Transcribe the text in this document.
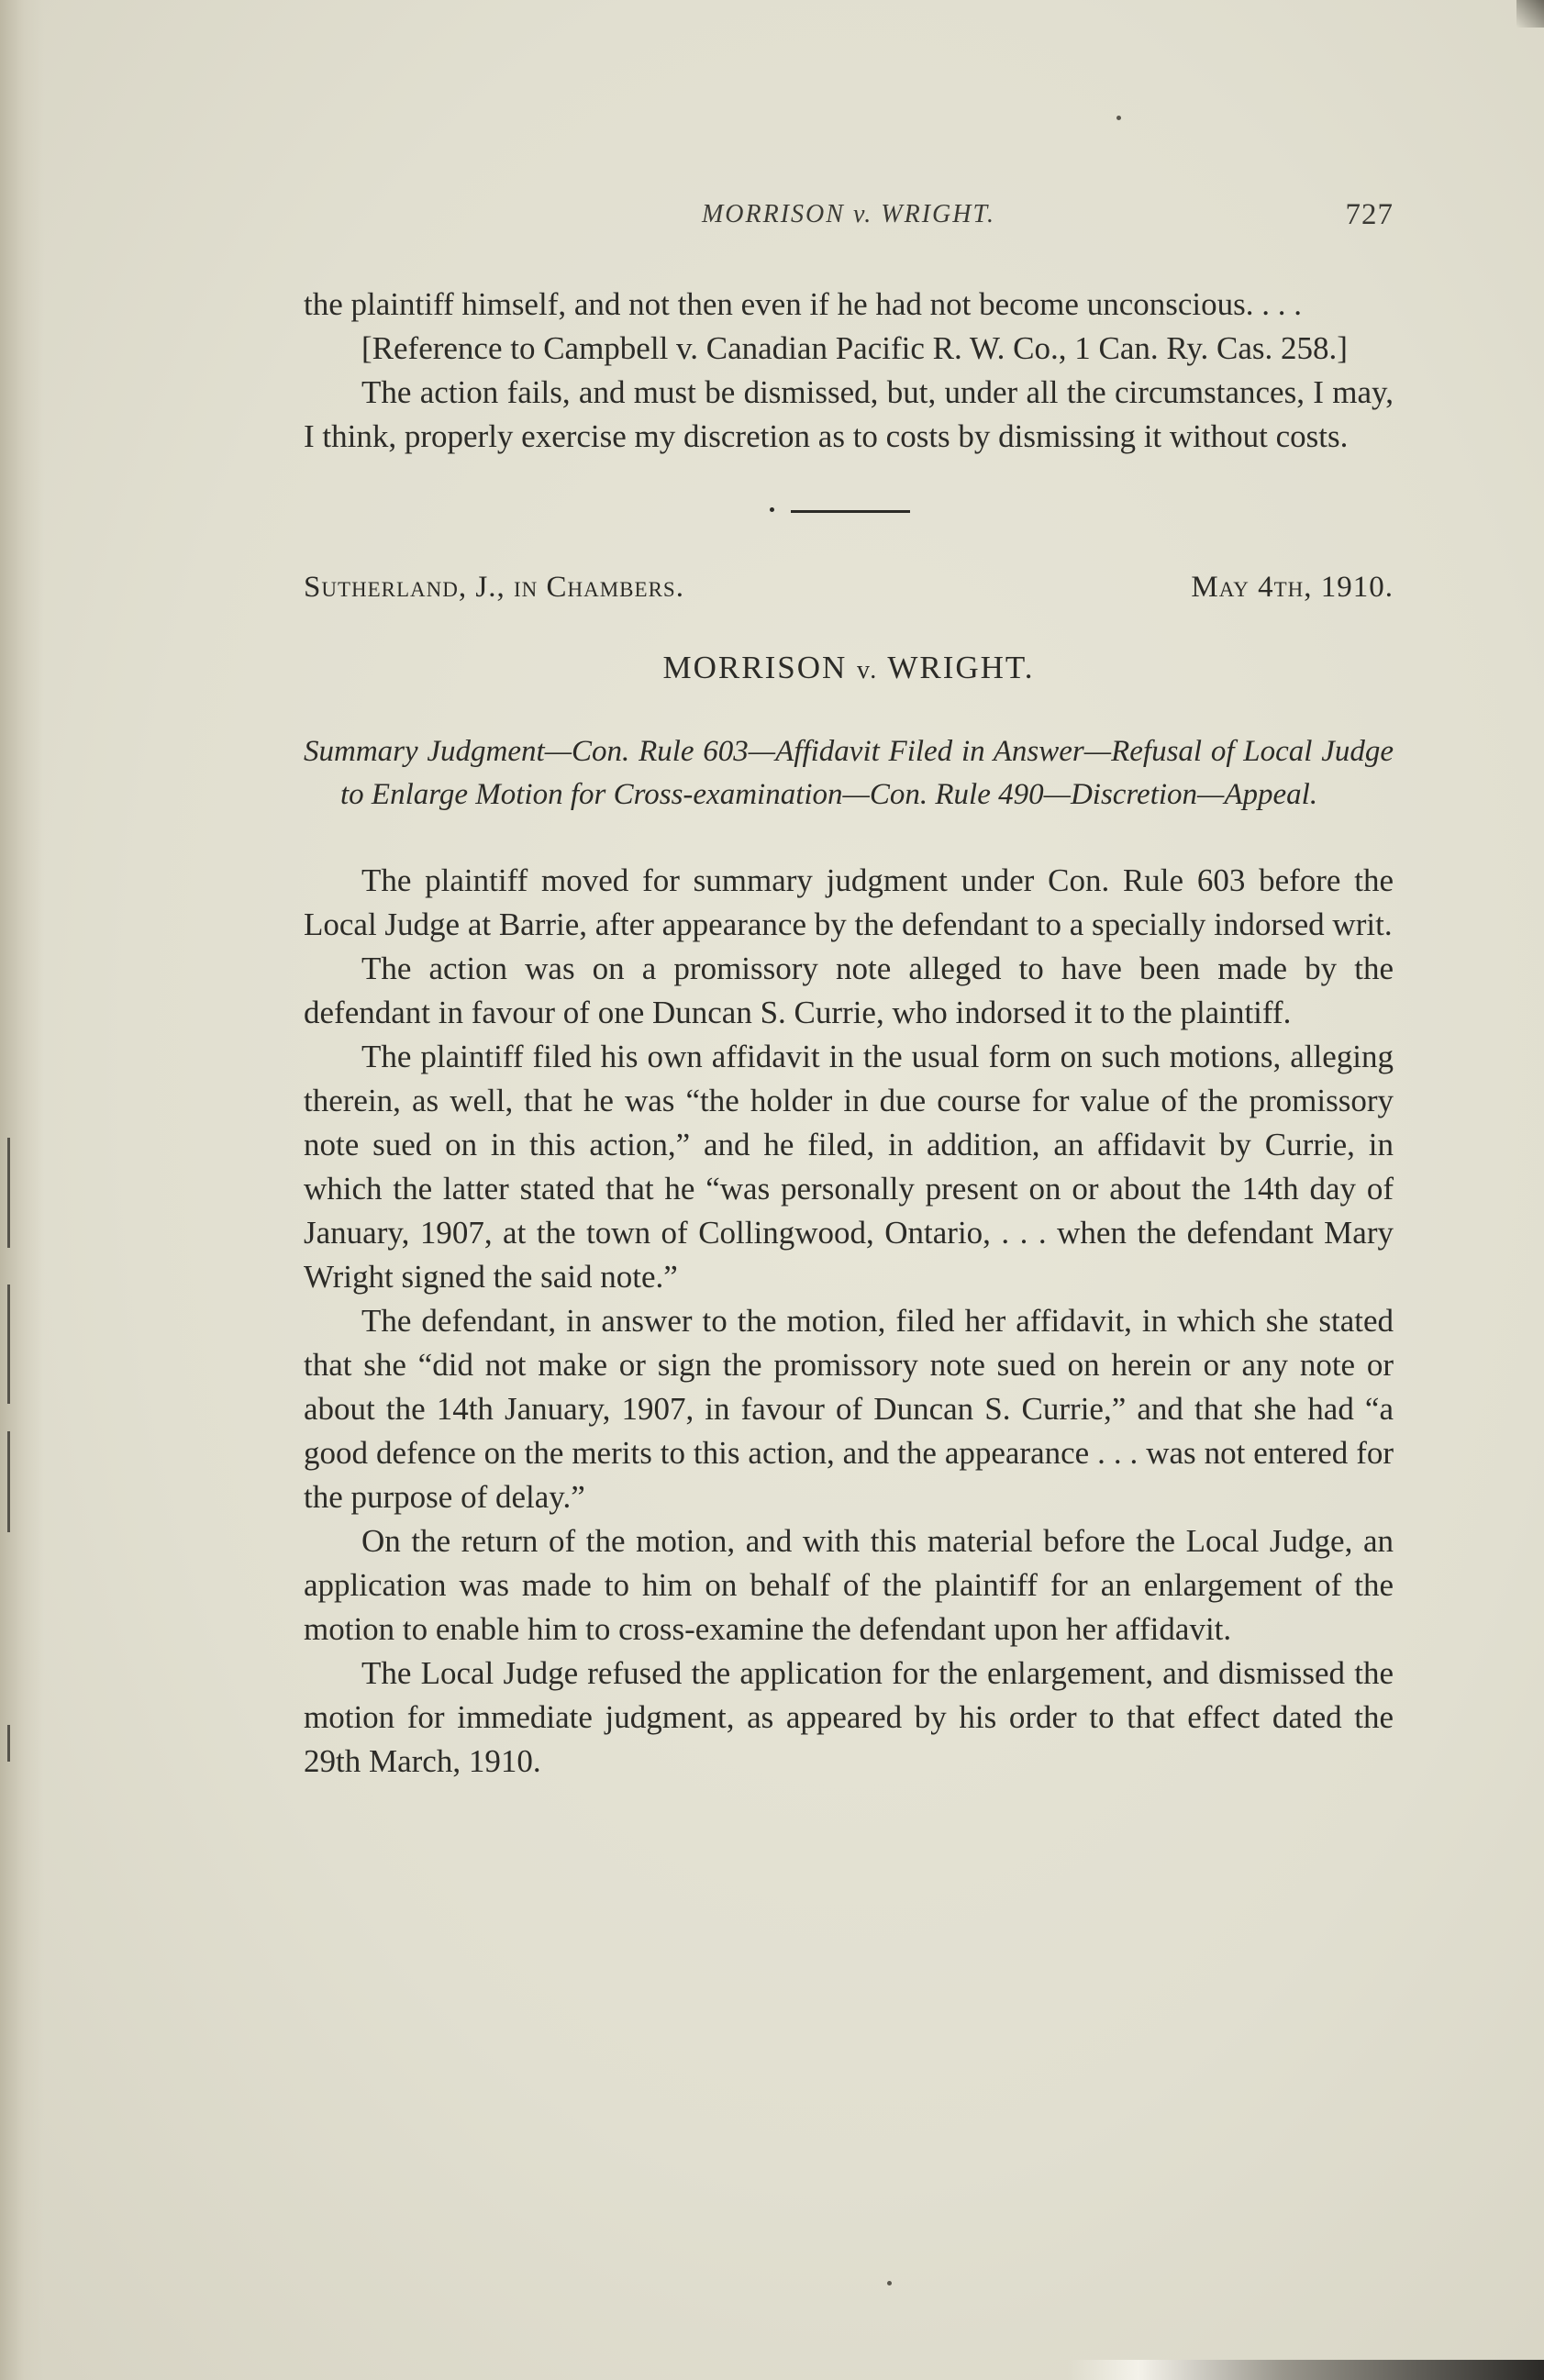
MORRISON v. WRIGHT.	727

the plaintiff himself, and not then even if he had not become unconscious. . . .

[Reference to Campbell v. Canadian Pacific R. W. Co., 1 Can. Ry. Cas. 258.]

The action fails, and must be dismissed, but, under all the circumstances, I may, I think, properly exercise my discretion as to costs by dismissing it without costs.

Sutherland, J., in Chambers.	May 4th, 1910.
MORRISON v. WRIGHT.
Summary Judgment—Con. Rule 603—Affidavit Filed in Answer—Refusal of Local Judge to Enlarge Motion for Cross-examination—Con. Rule 490—Discretion—Appeal.

The plaintiff moved for summary judgment under Con. Rule 603 before the Local Judge at Barrie, after appearance by the defendant to a specially indorsed writ.

The action was on a promissory note alleged to have been made by the defendant in favour of one Duncan S. Currie, who indorsed it to the plaintiff.

The plaintiff filed his own affidavit in the usual form on such motions, alleging therein, as well, that he was “the holder in due course for value of the promissory note sued on in this action,” and he filed, in addition, an affidavit by Currie, in which the latter stated that he “was personally present on or about the 14th day of January, 1907, at the town of Collingwood, Ontario, . . . when the defendant Mary Wright signed the said note.”

The defendant, in answer to the motion, filed her affidavit, in which she stated that she “did not make or sign the promissory note sued on herein or any note or about the 14th January, 1907, in favour of Duncan S. Currie,” and that she had “a good defence on the merits to this action, and the appearance . . . was not entered for the purpose of delay.”

On the return of the motion, and with this material before the Local Judge, an application was made to him on behalf of the plaintiff for an enlargement of the motion to enable him to cross-examine the defendant upon her affidavit.

The Local Judge refused the application for the enlargement, and dismissed the motion for immediate judgment, as appeared by his order to that effect dated the 29th March, 1910.
